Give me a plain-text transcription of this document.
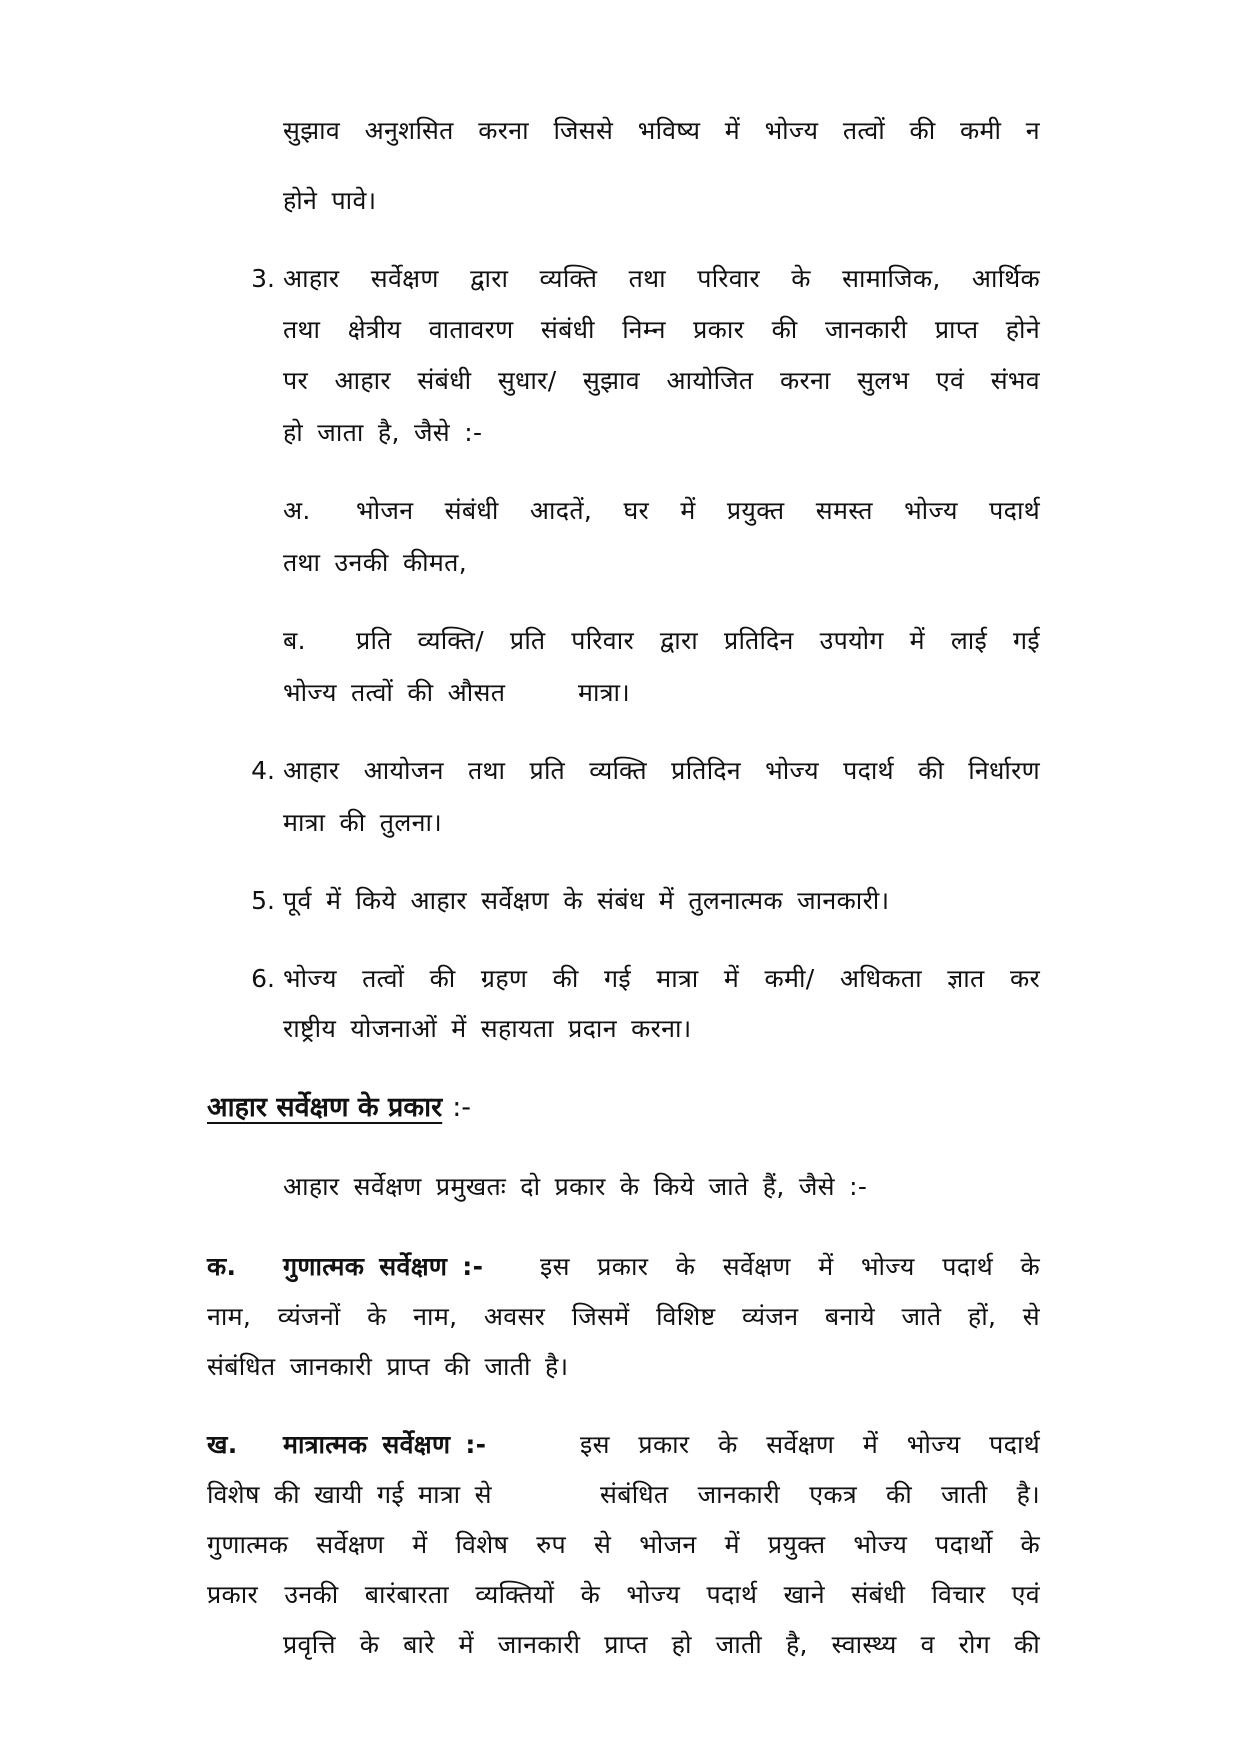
सुझाव अनुशसित करना जिससे भविष्य में भोज्य तत्वों की कमी न
होने पावे।
3. आहार सर्वेक्षण द्वारा व्यक्ति तथा परिवार के सामाजिक, आर्थिक
तथा क्षेत्रीय वातावरण संबंधी निम्न प्रकार की जानकारी प्राप्त होने
पर आहार संबंधी सुधार/ सुझाव आयोजित करना सुलभ एवं संभव
हो जाता है, जैसे :-
अ. भोजन संबंधी आदतें, घर में प्रयुक्त समस्त भोज्य पदार्थ
तथा उनकी कीमत,
ब. प्रति व्यक्ति/ प्रति परिवार द्वारा प्रतिदिन उपयोग में लाई गई
भोज्य तत्वों की औसत	मात्रा।
4. आहार आयोजन तथा प्रति व्यक्ति प्रतिदिन भोज्य पदार्थ की निर्धारण
मात्रा की तुलना।
5. पूर्व में किये आहार सर्वेक्षण के संबंध में तुलनात्मक जानकारी।
6. भोज्य तत्वों की ग्रहण की गई मात्रा में कमी/ अधिकता ज्ञात कर
राष्ट्रीय योजनाओं में सहायता प्रदान करना।
आहार सर्वेक्षण के प्रकार :-
आहार सर्वेक्षण प्रमुखतः दो प्रकार के किये जाते हैं, जैसे :-
क. गुणात्मक सर्वेक्षण :- इस प्रकार के सर्वेक्षण में भोज्य पदार्थ के
नाम, व्यंजनों के नाम, अवसर जिसमें विशिष्ट व्यंजन बनाये जाते हों, से
संबंधित जानकारी प्राप्त की जाती है।
ख. मात्रात्मक सर्वेक्षण :-	इस प्रकार के सर्वेक्षण में भोज्य पदार्थ
विशेष की खायी गई मात्रा से	संबंधित जानकारी एकत्र की जाती है।
गुणात्मक सर्वेक्षण में विशेष रुप से भोजन में प्रयुक्त भोज्य पदार्थो के
प्रकार उनकी बारंबारता व्यक्तियों के भोज्य पदार्थ खाने संबंधी विचार एवं
प्रवृत्ति के बारे में जानकारी प्राप्त हो जाती है, स्वास्थ्य व रोग की
